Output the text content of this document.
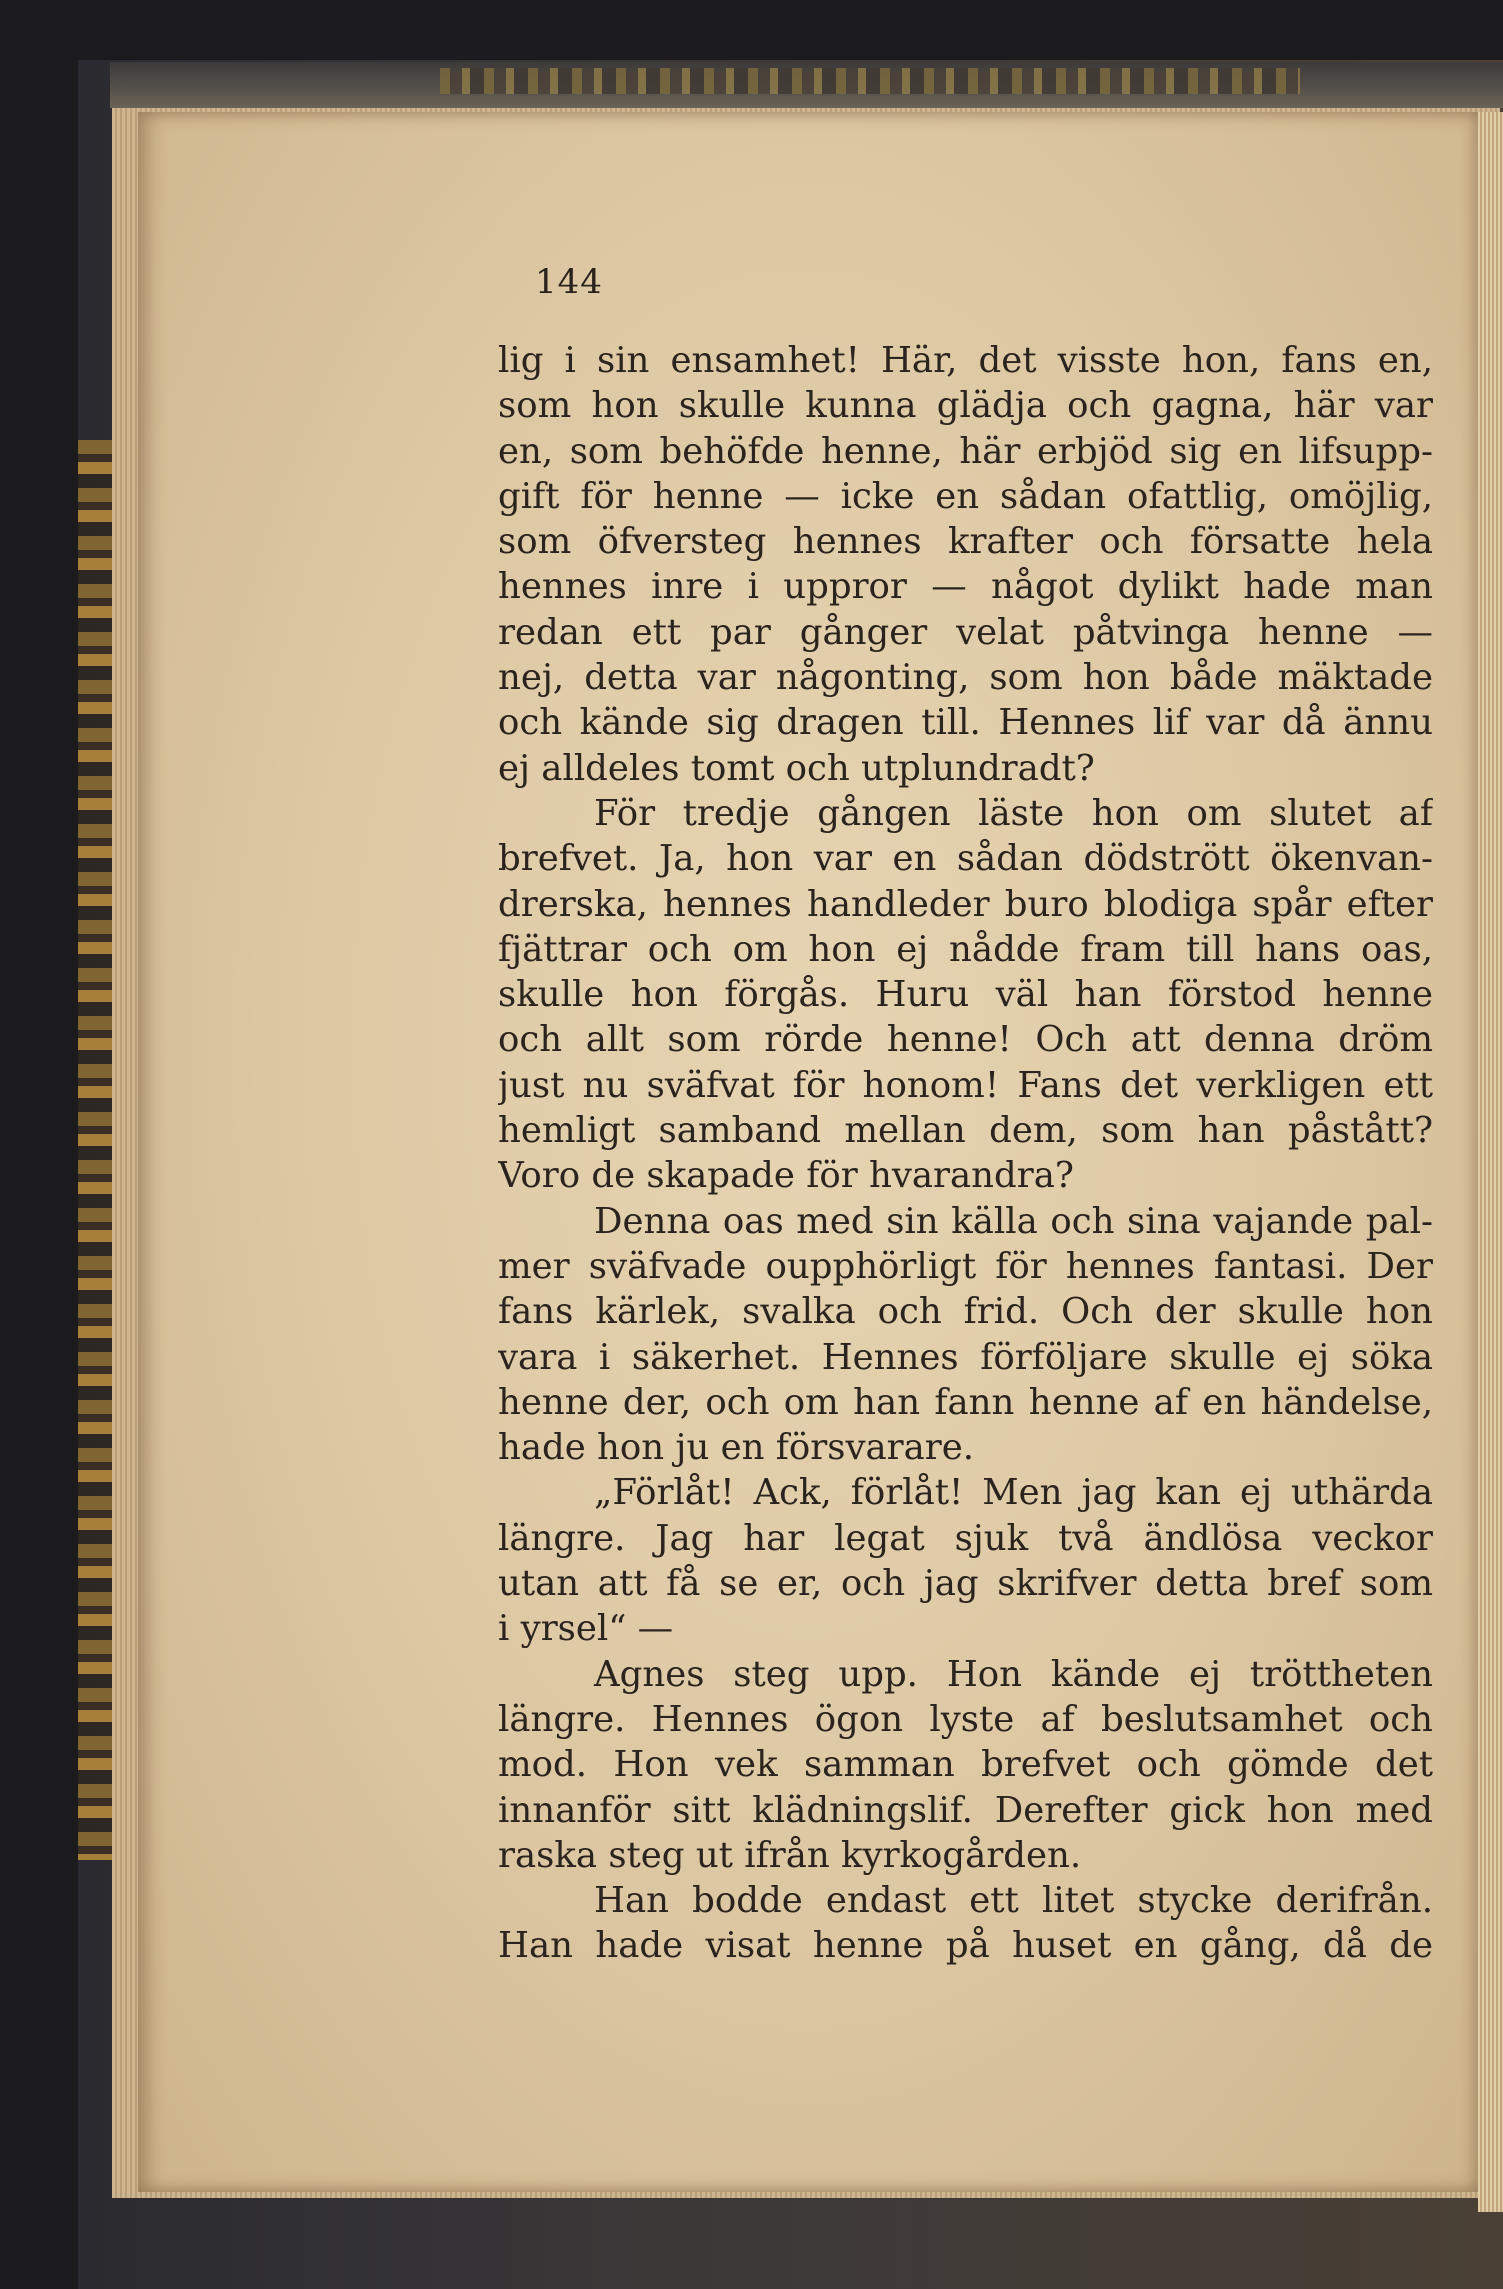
144
lig i sin ensamhet! Här, det visste hon, fans en,
som hon skulle kunna glädja och gagna, här var
en, som behöfde henne, här erbjöd sig en lifsupp-
gift för henne — icke en sådan ofattlig, omöjlig,
som öfversteg hennes krafter och försatte hela
hennes inre i uppror — något dylikt hade man
redan ett par gånger velat påtvinga henne —
nej, detta var någonting, som hon både mäktade
och kände sig dragen till. Hennes lif var då ännu
ej alldeles tomt och utplundradt?
För tredje gången läste hon om slutet af
brefvet. Ja, hon var en sådan dödstrött ökenvan-
drerska, hennes handleder buro blodiga spår efter
fjättrar och om hon ej nådde fram till hans oas,
skulle hon förgås. Huru väl han förstod henne
och allt som rörde henne! Och att denna dröm
just nu sväfvat för honom! Fans det verkligen ett
hemligt samband mellan dem, som han påstått?
Voro de skapade för hvarandra?
Denna oas med sin källa och sina vajande pal-
mer sväfvade oupphörligt för hennes fantasi. Der
fans kärlek, svalka och frid. Och der skulle hon
vara i säkerhet. Hennes förföljare skulle ej söka
henne der, och om han fann henne af en händelse,
hade hon ju en försvarare.
„Förlåt! Ack, förlåt! Men jag kan ej uthärda
längre. Jag har legat sjuk två ändlösa veckor
utan att få se er, och jag skrifver detta bref som
i yrsel“ —
Agnes steg upp. Hon kände ej tröttheten
längre. Hennes ögon lyste af beslutsamhet och
mod. Hon vek samman brefvet och gömde det
innanför sitt klädningslif. Derefter gick hon med
raska steg ut ifrån kyrkogården.
Han bodde endast ett litet stycke derifrån.
Han hade visat henne på huset en gång, då de
